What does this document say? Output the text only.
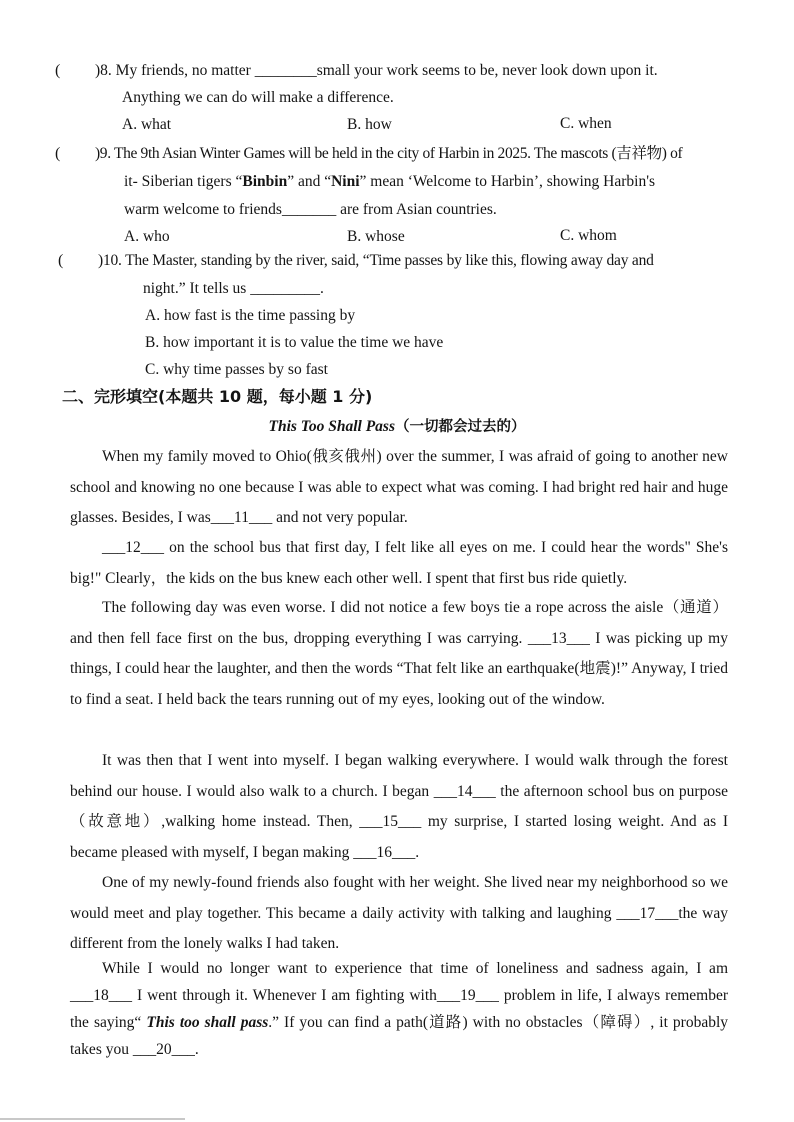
( )8. My friends, no matter ________small your work seems to be, never look down upon it.
Anything we can do will make a difference.
A. what	B. how	C. when
( )9. The 9th Asian Winter Games will be held in the city of Harbin in 2025. The mascots (吉祥物) of
it- Siberian tigers “Binbin” and “Nini” mean ‘Welcome to Harbin’, showing Harbin's
warm welcome to friends_______ are from Asian countries.
A. who	B. whose	C. whom
( )10. The Master, standing by the river, said, “Time passes by like this, flowing away day and
night.” It tells us _________.
A. how fast is the time passing by
B. how important it is to value the time we have
C. why time passes by so fast
二、完形填空(本题共 10 题，每小题 1 分)
This Too Shall Pass（一切都会过去的）
When my family moved to Ohio(俄亥俄州) over the summer, I was afraid of going to another new school and knowing no one because I was able to expect what was coming. I had bright red hair and huge glasses. Besides, I was___11___ and not very popular.
___12___ on the school bus that first day, I felt like all eyes on me. I could hear the words" She's big!" Clearly，the kids on the bus knew each other well. I spent that first bus ride quietly.
The following day was even worse. I did not notice a few boys tie a rope across the aisle（通道）and then fell face first on the bus, dropping everything I was carrying. ___13___ I was picking up my things, I could hear the laughter, and then the words “That felt like an earthquake(地震)!” Anyway, I tried to find a seat. I held back the tears running out of my eyes, looking out of the window.
It was then that I went into myself. I began walking everywhere. I would walk through the forest behind our house. I would also walk to a church. I began ___14___ the afternoon school bus on purpose（故意地）,walking home instead. Then, ___15___ my surprise, I started losing weight. And as I became pleased with myself, I began making ___16___.
One of my newly-found friends also fought with her weight. She lived near my neighborhood so we would meet and play together. This became a daily activity with talking and laughing ___17___the way different from the lonely walks I had taken.
While I would no longer want to experience that time of loneliness and sadness again, I am ___18___ I went through it. Whenever I am fighting with___19___ problem in life, I always remember the saying“ This too shall pass.” If you can find a path(道路) with no obstacles（障碍）, it probably takes you ___20___.
